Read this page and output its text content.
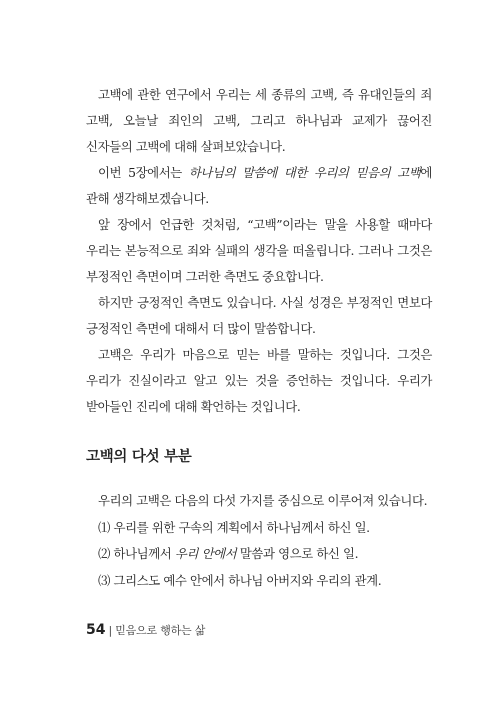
고백에 관한 연구에서 우리는 세 종류의 고백, 즉 유대인들의 죄 고백, 오늘날 죄인의 고백, 그리고 하나님과 교제가 끊어진 신자들의 고백에 대해 살펴보았습니다.

이번 5장에서는 하나님의 말씀에 대한 우리의 믿음의 고백에 관해 생각해보겠습니다.

앞 장에서 언급한 것처럼, “고백”이라는 말을 사용할 때마다 우리는 본능적으로 죄와 실패의 생각을 떠올립니다. 그러나 그것은 부정적인 측면이며 그러한 측면도 중요합니다.

하지만 긍정적인 측면도 있습니다. 사실 성경은 부정적인 면보다 긍정적인 측면에 대해서 더 많이 말씀합니다.

고백은 우리가 마음으로 믿는 바를 말하는 것입니다. 그것은 우리가 진실이라고 알고 있는 것을 증언하는 것입니다. 우리가 받아들인 진리에 대해 확언하는 것입니다.

고백의 다섯 부분

우리의 고백은 다음의 다섯 가지를 중심으로 이루어져 있습니다.

⑴ 우리를 위한 구속의 계획에서 하나님께서 하신 일.

⑵ 하나님께서 우리 안에서 말씀과 영으로 하신 일.

⑶ 그리스도 예수 안에서 하나님 아버지와 우리의 관계.

54 | 믿음으로 행하는 삶
